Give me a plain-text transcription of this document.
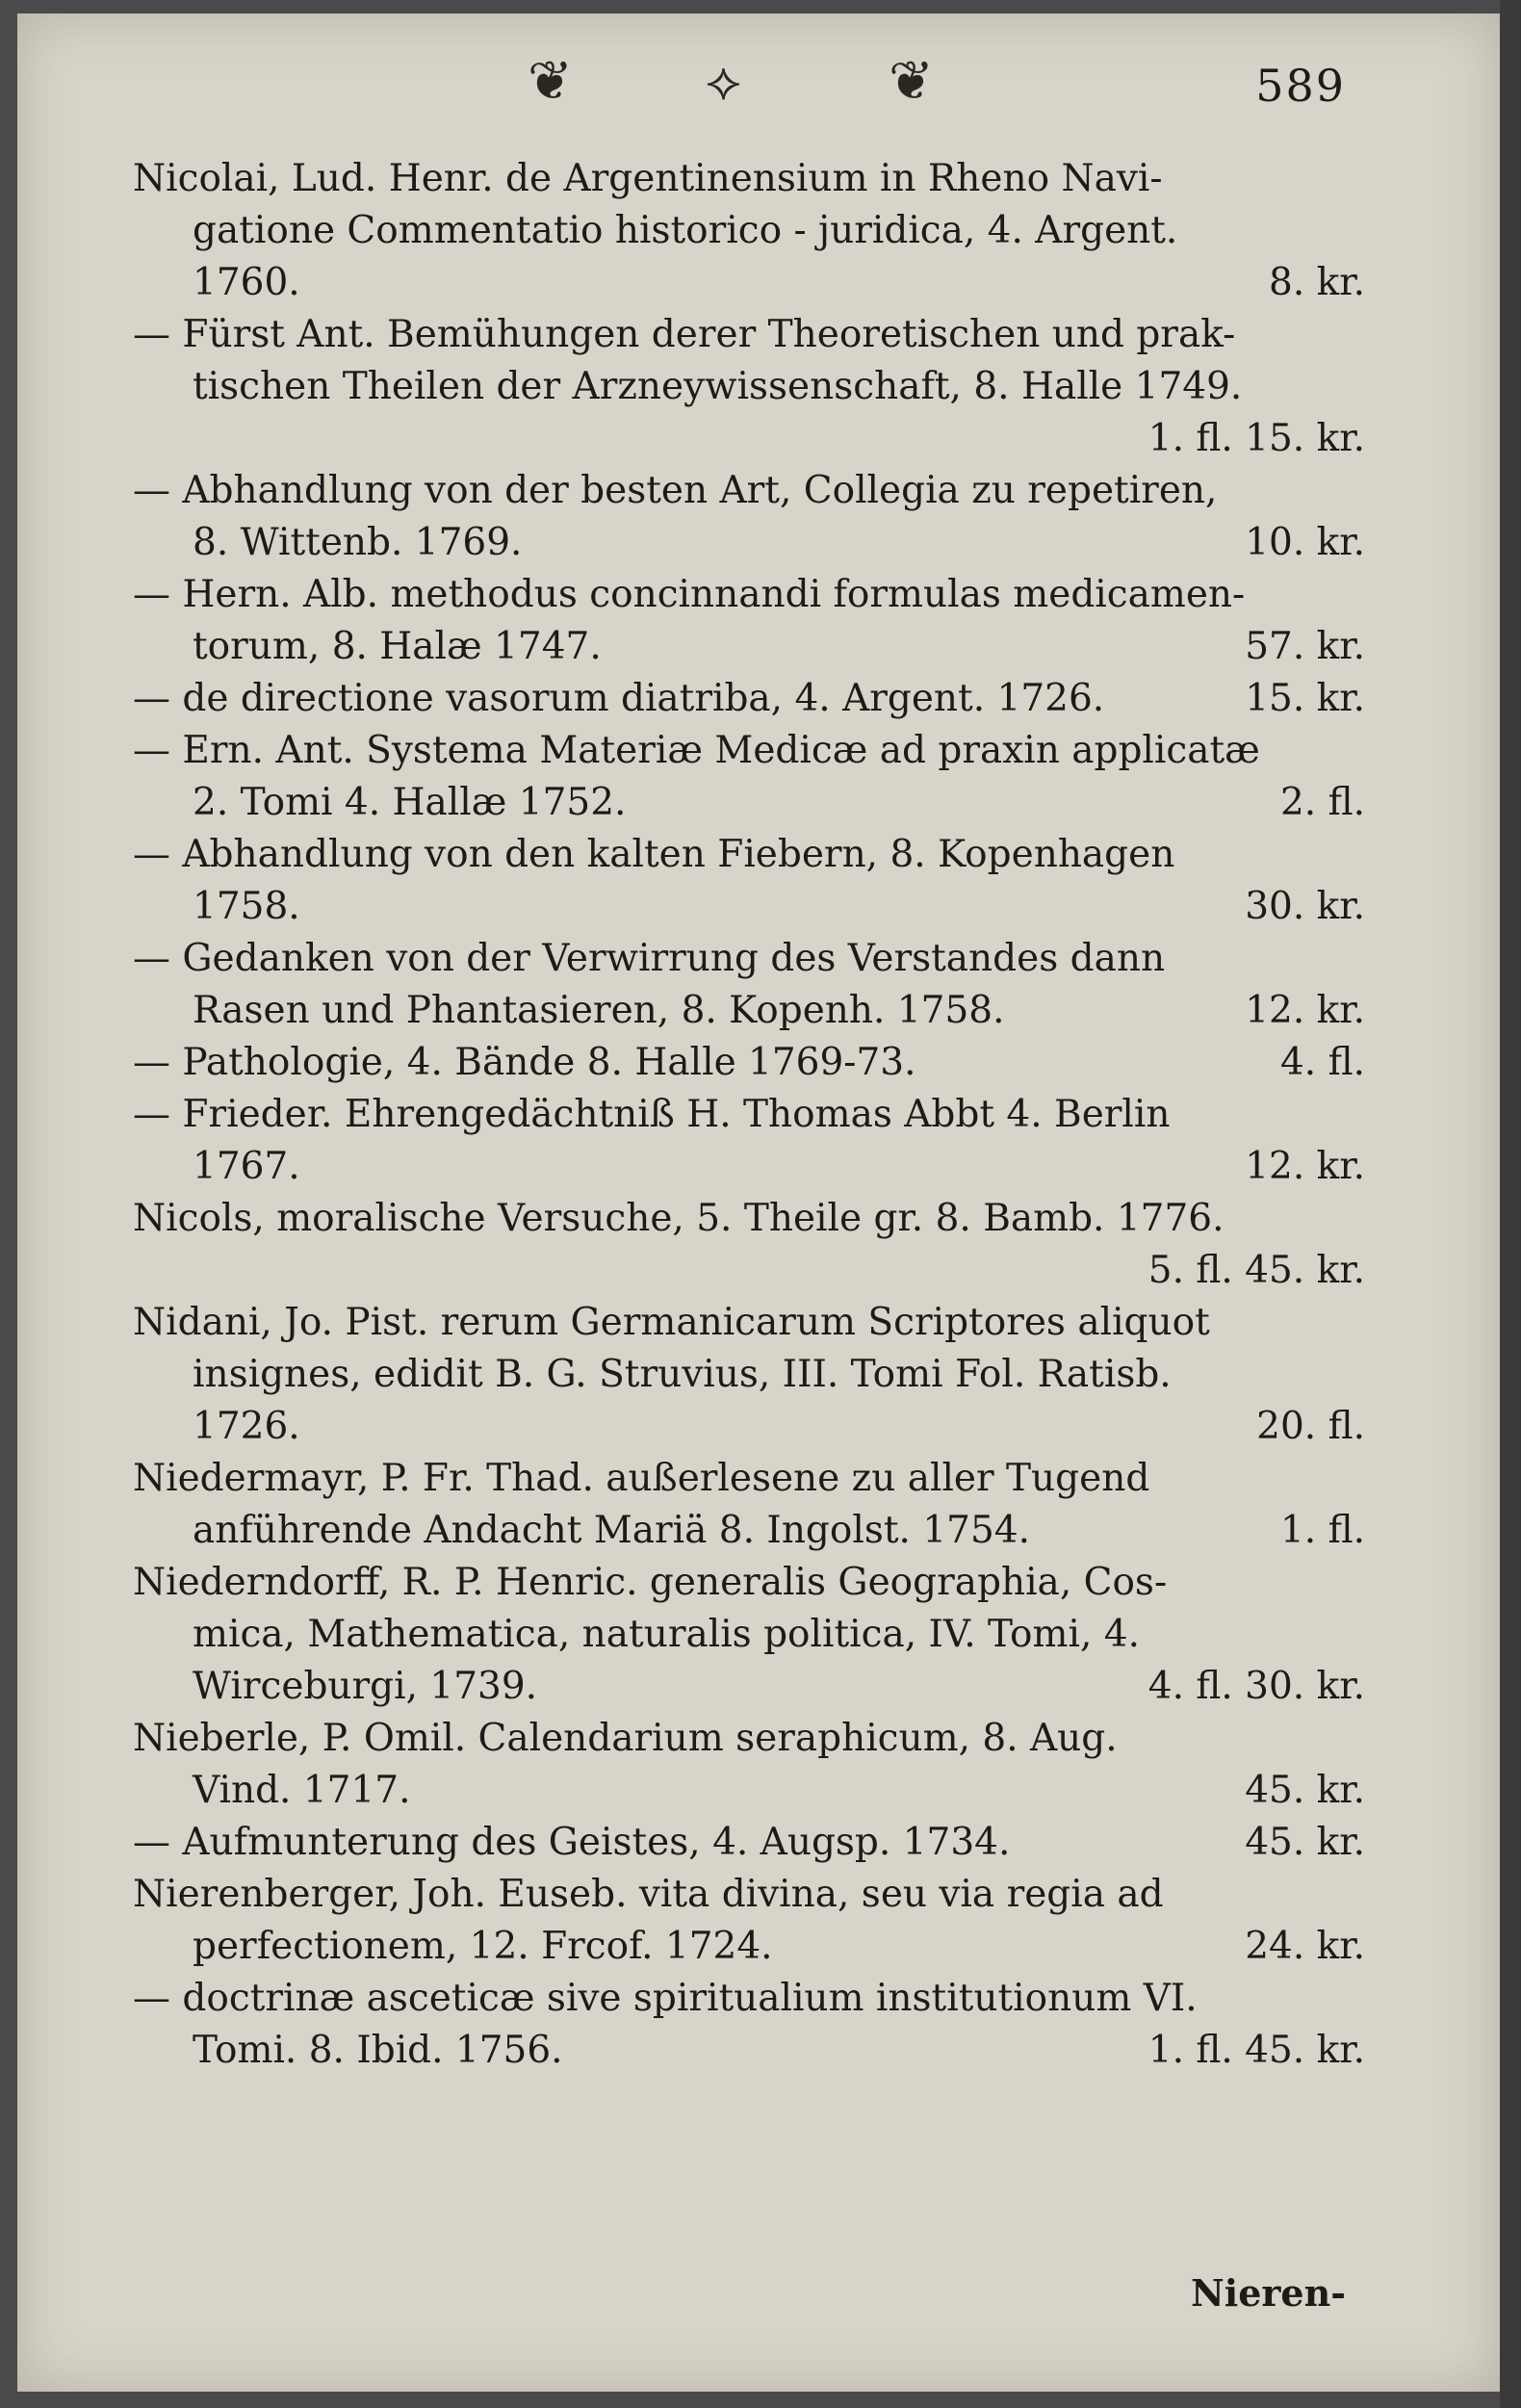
❦ ⟡	❦	589
Nicolai, Lud. Henr. de Argentinensium in Rheno Navi-
gatione Commentatio historico - juridica, 4. Argent.
1760.	8. kr.
— Fürst Ant. Bemühungen derer Theoretischen und prak-
tischen Theilen der Arzneywissenschaft, 8. Halle 1749.
1. fl. 15. kr.
— Abhandlung von der besten Art, Collegia zu repetiren,
8. Wittenb. 1769.	10. kr.
— Hern. Alb. methodus concinnandi formulas medicamen-
torum, 8. Halæ 1747.	57. kr.
— de directione vasorum diatriba, 4. Argent. 1726.	15. kr.
— Ern. Ant. Systema Materiæ Medicæ ad praxin applicatæ
2. Tomi 4. Hallæ 1752.	2. fl.
— Abhandlung von den kalten Fiebern, 8. Kopenhagen
1758.	30. kr.
— Gedanken von der Verwirrung des Verstandes dann
Rasen und Phantasieren, 8. Kopenh. 1758.	12. kr.
— Pathologie, 4. Bände 8. Halle 1769-73.	4. fl.
— Frieder. Ehrengedächtniß H. Thomas Abbt 4. Berlin
1767.	12. kr.
Nicols, moralische Versuche, 5. Theile gr. 8. Bamb. 1776.
5. fl. 45. kr.
Nidani, Jo. Pist. rerum Germanicarum Scriptores aliquot
insignes, edidit B. G. Struvius, III. Tomi Fol. Ratisb.
1726.	20. fl.
Niedermayr, P. Fr. Thad. außerlesene zu aller Tugend
anführende Andacht Mariä 8. Ingolst. 1754.	1. fl.
Niederndorff, R. P. Henric. generalis Geographia, Cos-
mica, Mathematica, naturalis politica, IV. Tomi, 4.
Wirceburgi, 1739.	4. fl. 30. kr.
Nieberle, P. Omil. Calendarium seraphicum, 8. Aug.
Vind. 1717.	45. kr.
— Aufmunterung des Geistes, 4. Augsp. 1734.	45. kr.
Nierenberger, Joh. Euseb. vita divina, seu via regia ad
perfectionem, 12. Frcof. 1724.	24. kr.
— doctrinæ asceticæ sive spiritualium institutionum VI.
Tomi. 8. Ibid. 1756.	1. fl. 45. kr.
Nieren-
